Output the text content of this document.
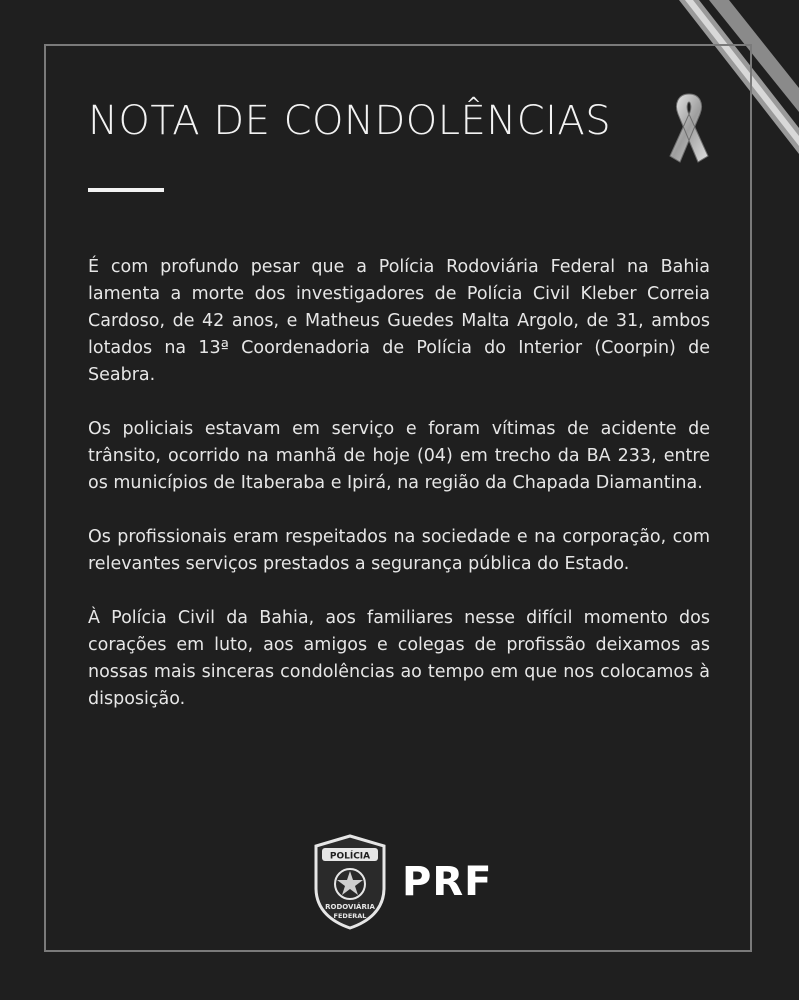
NOTA DE CONDOLÊNCIAS

É com profundo pesar que a Polícia Rodoviária Federal na Bahia lamenta a morte dos investigadores de Polícia Civil Kleber Correia Cardoso, de 42 anos, e Matheus Guedes Malta Argolo, de 31, ambos lotados na 13ª Coordenadoria de Polícia do Interior (Coorpin) de Seabra.

Os policiais estavam em serviço e foram vítimas de acidente de trânsito, ocorrido na manhã de hoje (04) em trecho da BA 233, entre os municípios de Itaberaba e Ipirá, na região da Chapada Diamantina.

Os profissionais eram respeitados na sociedade e na corporação, com relevantes serviços prestados a segurança pública do Estado.

À Polícia Civil da Bahia, aos familiares nesse difícil momento dos corações em luto, aos amigos e colegas de profissão deixamos as nossas mais sinceras condolências ao tempo em que nos colocamos à disposição.

POLÍCIA
RODOVIÁRIA
FEDERAL
PRF
